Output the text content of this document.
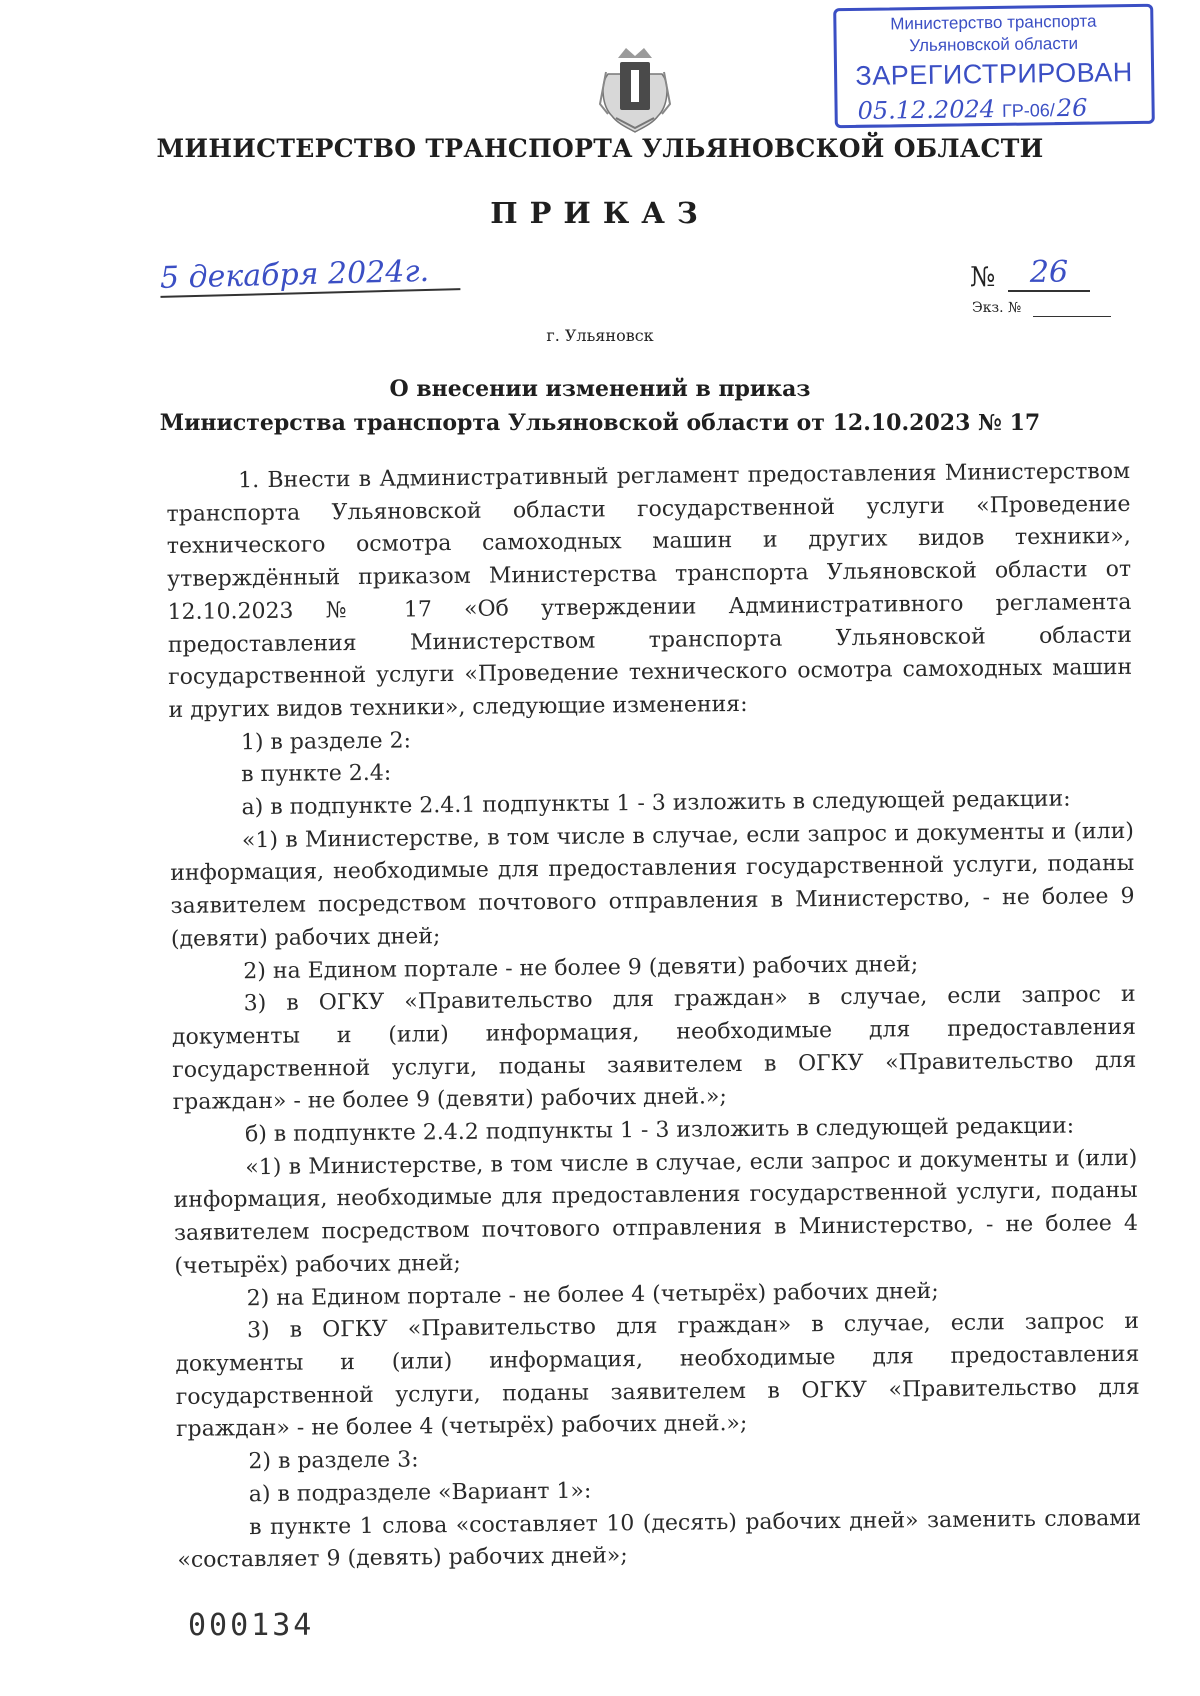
Министерство транспорта
Ульяновской области
ЗАРЕГИСТРИРОВАН
05.12.2024 ГР-06/26
МИНИСТЕРСТВО ТРАНСПОРТА УЛЬЯНОВСКОЙ ОБЛАСТИ
ПРИКАЗ
5 декабря 2024г.	№	26
Экз. №
г. Ульяновск
О внесении изменений в приказ
Министерства транспорта Ульяновской области от 12.10.2023 № 17

1. Внести в Административный регламент предоставления Министерством транспорта Ульяновской области государственной услуги «Проведение технического осмотра самоходных машин и других видов техники», утверждённый приказом Министерства транспорта Ульяновской области от 12.10.2023 № 17 «Об утверждении Административного регламента предоставления Министерством транспорта Ульяновской области государственной услуги «Проведение технического осмотра самоходных машин и других видов техники», следующие изменения:

1) в разделе 2:

в пункте 2.4:

а) в подпункте 2.4.1 подпункты 1 - 3 изложить в следующей редакции:

«1) в Министерстве, в том числе в случае, если запрос и документы и (или) информация, необходимые для предоставления государственной услуги, поданы заявителем посредством почтового отправления в Министерство, - не более 9 (девяти) рабочих дней;

2) на Едином портале - не более 9 (девяти) рабочих дней;

3) в ОГКУ «Правительство для граждан» в случае, если запрос и документы и (или) информация, необходимые для предоставления государственной услуги, поданы заявителем в ОГКУ «Правительство для граждан» - не более 9 (девяти) рабочих дней.»;

б) в подпункте 2.4.2 подпункты 1 - 3 изложить в следующей редакции:

«1) в Министерстве, в том числе в случае, если запрос и документы и (или) информация, необходимые для предоставления государственной услуги, поданы заявителем посредством почтового отправления в Министерство, - не более 4 (четырёх) рабочих дней;

2) на Едином портале - не более 4 (четырёх) рабочих дней;

3) в ОГКУ «Правительство для граждан» в случае, если запрос и документы и (или) информация, необходимые для предоставления государственной услуги, поданы заявителем в ОГКУ «Правительство для граждан» - не более 4 (четырёх) рабочих дней.»;

2) в разделе 3:

а) в подразделе «Вариант 1»:

в пункте 1 слова «составляет 10 (десять) рабочих дней» заменить словами «составляет 9 (девять) рабочих дней»;

000134
